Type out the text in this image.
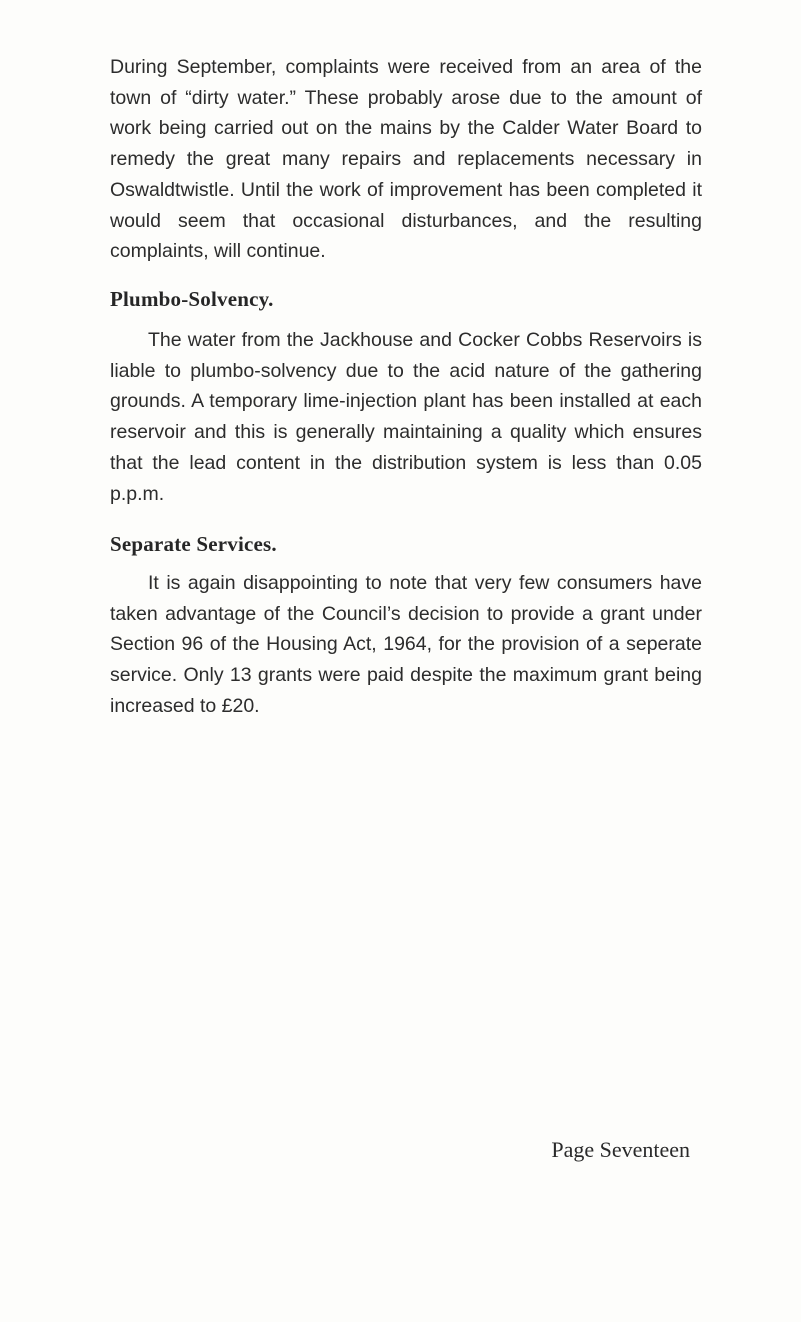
During September, complaints were received from an area of the town of “dirty water.” These probably arose due to the amount of work being carried out on the mains by the Calder Water Board to remedy the great many repairs and replacements necessary in Oswaldtwistle. Until the work of improvement has been completed it would seem that occasional disturbances, and the resulting complaints, will continue.

Plumbo-Solvency.

The water from the Jackhouse and Cocker Cobbs Reservoirs is liable to plumbo-solvency due to the acid nature of the gathering grounds. A temporary lime-injection plant has been installed at each reservoir and this is generally maintaining a quality which ensures that the lead content in the distribution system is less than 0.05 p.p.m.

Separate Services.

It is again disappointing to note that very few consumers have taken advantage of the Council’s decision to provide a grant under Section 96 of the Housing Act, 1964, for the provision of a seperate service. Only 13 grants were paid despite the maximum grant being increased to £20.

Page Seventeen
